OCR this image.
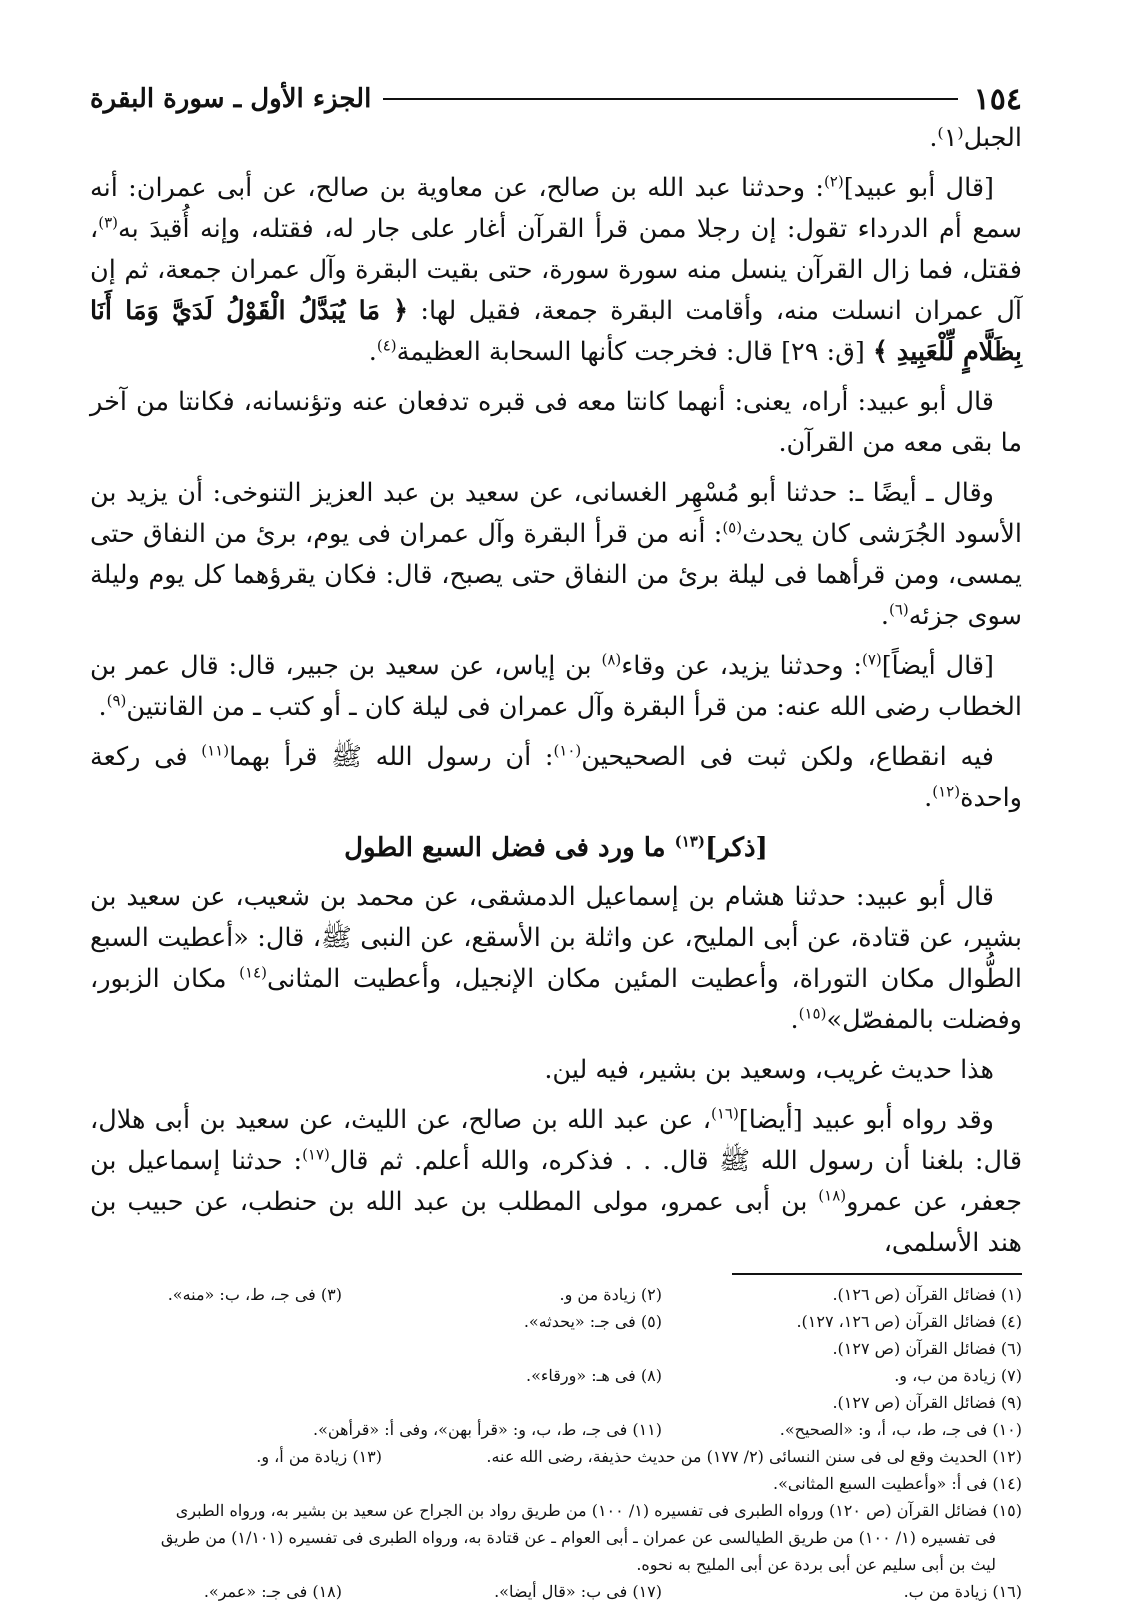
١٥٤
الجزء الأول ـ سورة البقرة

الجبل⁽١⁾.

[قال أبو عبيد]$^{(٢)}$: وحدثنا عبد الله بن صالح، عن معاوية بن صالح، عن أبى عمران: أنه سمع أم الدرداء تقول: إن رجلا ممن قرأ القرآن أغار على جار له، فقتله، وإنه أُقيدَ به$^{(٣)}$، فقتل، فما زال القرآن ينسل منه سورة سورة، حتى بقيت البقرة وآل عمران جمعة، ثم إن آل عمران انسلت منه، وأقامت البقرة جمعة، فقيل لها: ﴿ مَا يُبَدَّلُ الْقَوْلُ لَدَيَّ وَمَا أَنَا بِظَلَّامٍ لِّلْعَبِيدِ ﴾ [ق: ٢٩] قال: فخرجت كأنها السحابة العظيمة$^{(٤)}$.

قال أبو عبيد: أراه، يعنى: أنهما كانتا معه فى قبره تدفعان عنه وتؤنسانه، فكانتا من آخر ما بقى معه من القرآن.

وقال ـ أيضًا ـ: حدثنا أبو مُسْهِر الغسانى، عن سعيد بن عبد العزيز التنوخى: أن يزيد بن الأسود الجُرَشى كان يحدث$^{(٥)}$: أنه من قرأ البقرة وآل عمران فى يوم، برئ من النفاق حتى يمسى، ومن قرأهما فى ليلة برئ من النفاق حتى يصبح، قال: فكان يقرؤهما كل يوم وليلة سوى جزئه$^{(٦)}$.

[قال أيضاً]$^{(٧)}$: وحدثنا يزيد، عن وقاء$^{(٨)}$ بن إياس، عن سعيد بن جبير، قال: قال عمر بن الخطاب رضى الله عنه: من قرأ البقرة وآل عمران فى ليلة كان ـ أو كتب ـ من القانتين$^{(٩)}$.

فيه انقطاع، ولكن ثبت فى الصحيحين$^{(١٠)}$: أن رسول الله ﷺ قرأ بهما$^{(١١)}$ فى ركعة واحدة$^{(١٢)}$.

[ذكر]$^{(١٣)}$ ما ورد فى فضل السبع الطول

قال أبو عبيد: حدثنا هشام بن إسماعيل الدمشقى، عن محمد بن شعيب، عن سعيد بن بشير، عن قتادة، عن أبى المليح، عن واثلة بن الأسقع، عن النبى ﷺ، قال: «أعطيت السبع الطُّوال مكان التوراة، وأعطيت المئين مكان الإنجيل، وأعطيت المثانى$^{(١٤)}$ مكان الزبور، وفضلت بالمفصّل»$^{(١٥)}$.

هذا حديث غريب، وسعيد بن بشير، فيه لين.

وقد رواه أبو عبيد [أيضا]$^{(١٦)}$، عن عبد الله بن صالح، عن الليث، عن سعيد بن أبى هلال، قال: بلغنا أن رسول الله ﷺ قال. . . فذكره، والله أعلم. ثم قال$^{(١٧)}$: حدثنا إسماعيل بن جعفر، عن عمرو$^{(١٨)}$ بن أبى عمرو، مولى المطلب بن عبد الله بن حنطب، عن حبيب بن هند الأسلمى،

(١) فضائل القرآن (ص ١٢٦).
(٢) زيادة من و.
(٣) فى جـ، ط، ب: «منه».
(٤) فضائل القرآن (ص ١٢٦، ١٢٧).
(٥) فى جـ: «يحدثه».
(٦) فضائل القرآن (ص ١٢٧).
(٧) زيادة من ب، و.
(٨) فى هـ: «ورقاء».
(٩) فضائل القرآن (ص ١٢٧).
(١٠) فى جـ، ط، ب، أ، و: «الصحيح».
(١١) فى جـ، ط، ب، و: «قرأ بهن»، وفى أ: «قرأهن».
(١٢) الحديث وقع لى فى سنن النسائى (٢/ ١٧٧) من حديث حذيفة، رضى الله عنه.
(١٣) زيادة من أ، و.
(١٤) فى أ: «وأعطيت السبع المثانى».
(١٥) فضائل القرآن (ص ١٢٠) ورواه الطبرى فى تفسيره (١/ ١٠٠) من طريق رواد بن الجراح عن سعيد بن بشير به، ورواه الطبرى
فى تفسيره (١/ ١٠٠) من طريق الطيالسى عن عمران ـ أبى العوام ـ عن قتادة به، ورواه الطبرى فى تفسيره (١/١٠١) من طريق
ليث بن أبى سليم عن أبى بردة عن أبى المليح به نحوه.
(١٦) زيادة من ب.
(١٧) فى ب: «قال أيضا».
(١٨) فى جـ: «عمر».
